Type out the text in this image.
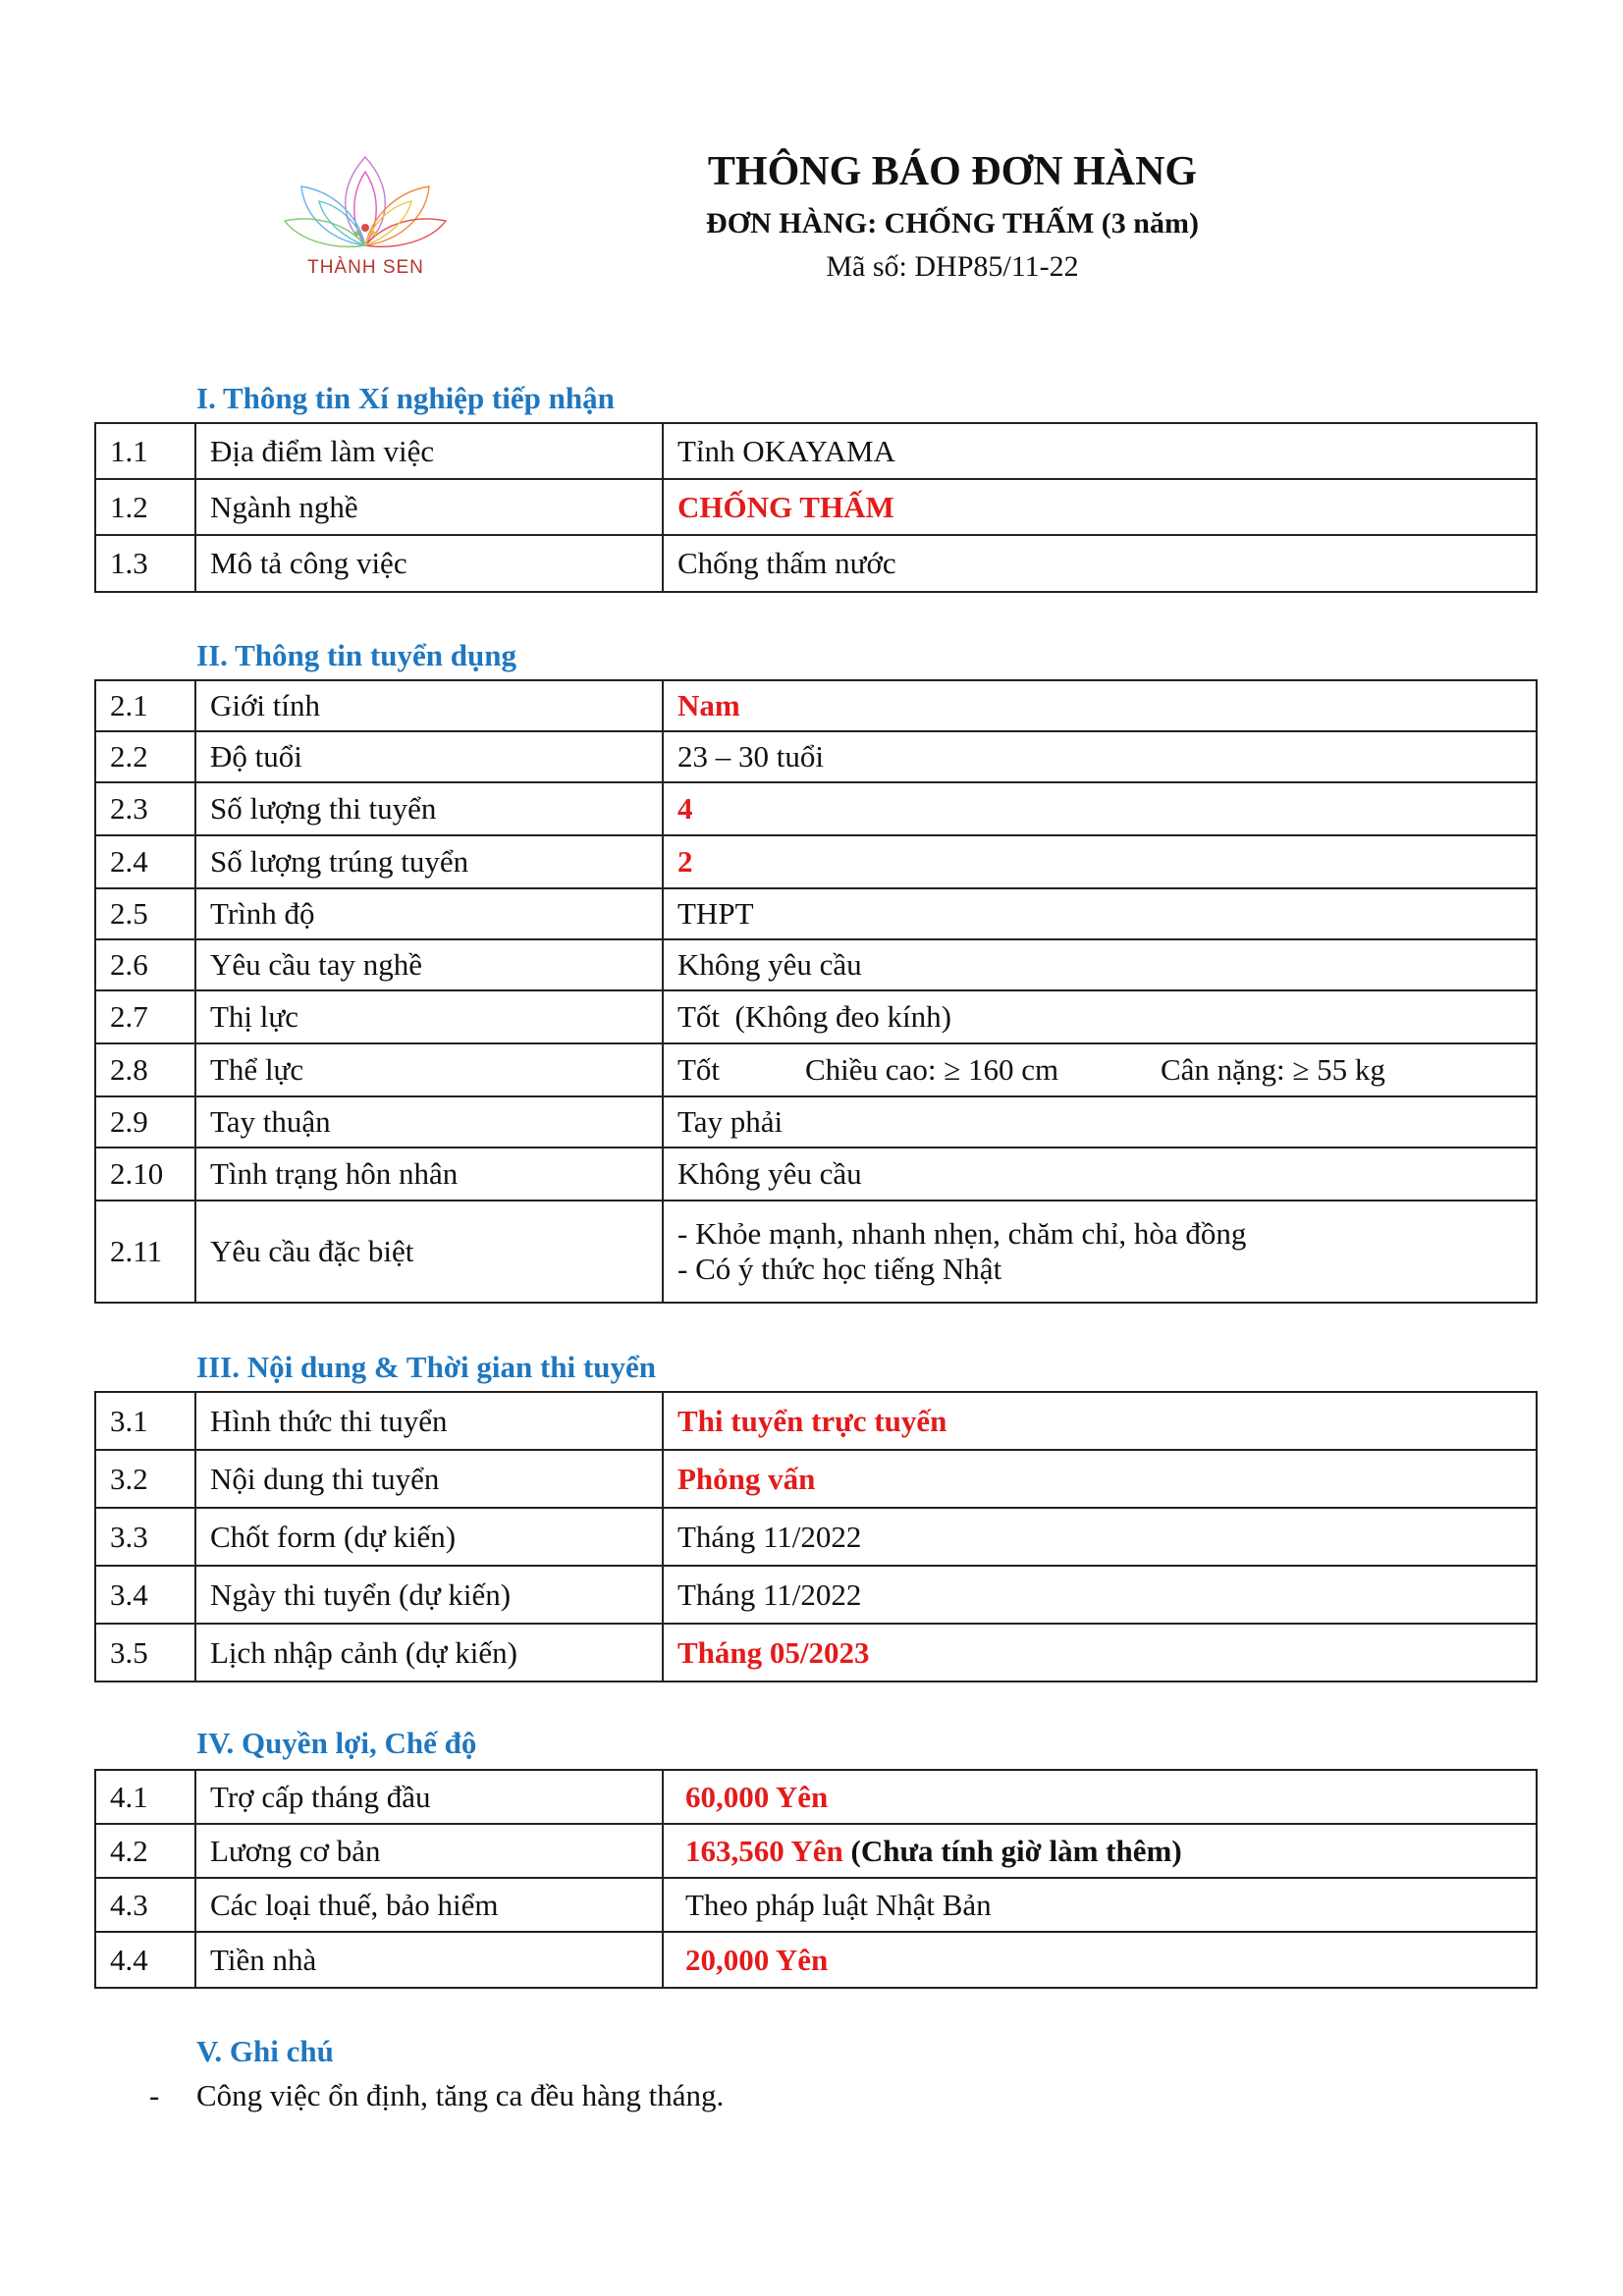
THÀNH SEN
THÔNG BÁO ĐƠN HÀNG
ĐƠN HÀNG: CHỐNG THẤM (3 năm)
Mã số: DHP85/11-22
I. Thông tin Xí nghiệp tiếp nhận
1.1	Địa điểm làm việc	Tỉnh OKAYAMA
1.2	Ngành nghề	CHỐNG THẤM
1.3	Mô tả công việc	Chống thấm nước
II. Thông tin tuyển dụng
2.1	Giới tính	Nam
2.2	Độ tuổi	23 – 30 tuổi
2.3	Số lượng thi tuyển	4
2.4	Số lượng trúng tuyển	2
2.5	Trình độ	THPT
2.6	Yêu cầu tay nghề	Không yêu cầu
2.7	Thị lực	Tốt  (Không đeo kính)
2.8	Thể lực	Tốt Chiều cao: ≥ 160 cm Cân nặng: ≥ 55 kg
2.9	Tay thuận	Tay phải
2.10	Tình trạng hôn nhân	Không yêu cầu
2.11	Yêu cầu đặc biệt	- Khỏe mạnh, nhanh nhẹn, chăm chỉ, hòa đồng
- Có ý thức học tiếng Nhật
III. Nội dung & Thời gian thi tuyển
3.1	Hình thức thi tuyển	Thi tuyển trực tuyến
3.2	Nội dung thi tuyển	Phỏng vấn
3.3	Chốt form (dự kiến)	Tháng 11/2022
3.4	Ngày thi tuyển (dự kiến)	Tháng 11/2022
3.5	Lịch nhập cảnh (dự kiến)	Tháng 05/2023
IV. Quyền lợi, Chế độ
4.1	Trợ cấp tháng đầu	60,000 Yên
4.2	Lương cơ bản	163,560 Yên (Chưa tính giờ làm thêm)
4.3	Các loại thuế, bảo hiểm	Theo pháp luật Nhật Bản
4.4	Tiền nhà	20,000 Yên
V. Ghi chú
- Công việc ổn định, tăng ca đều hàng tháng.
